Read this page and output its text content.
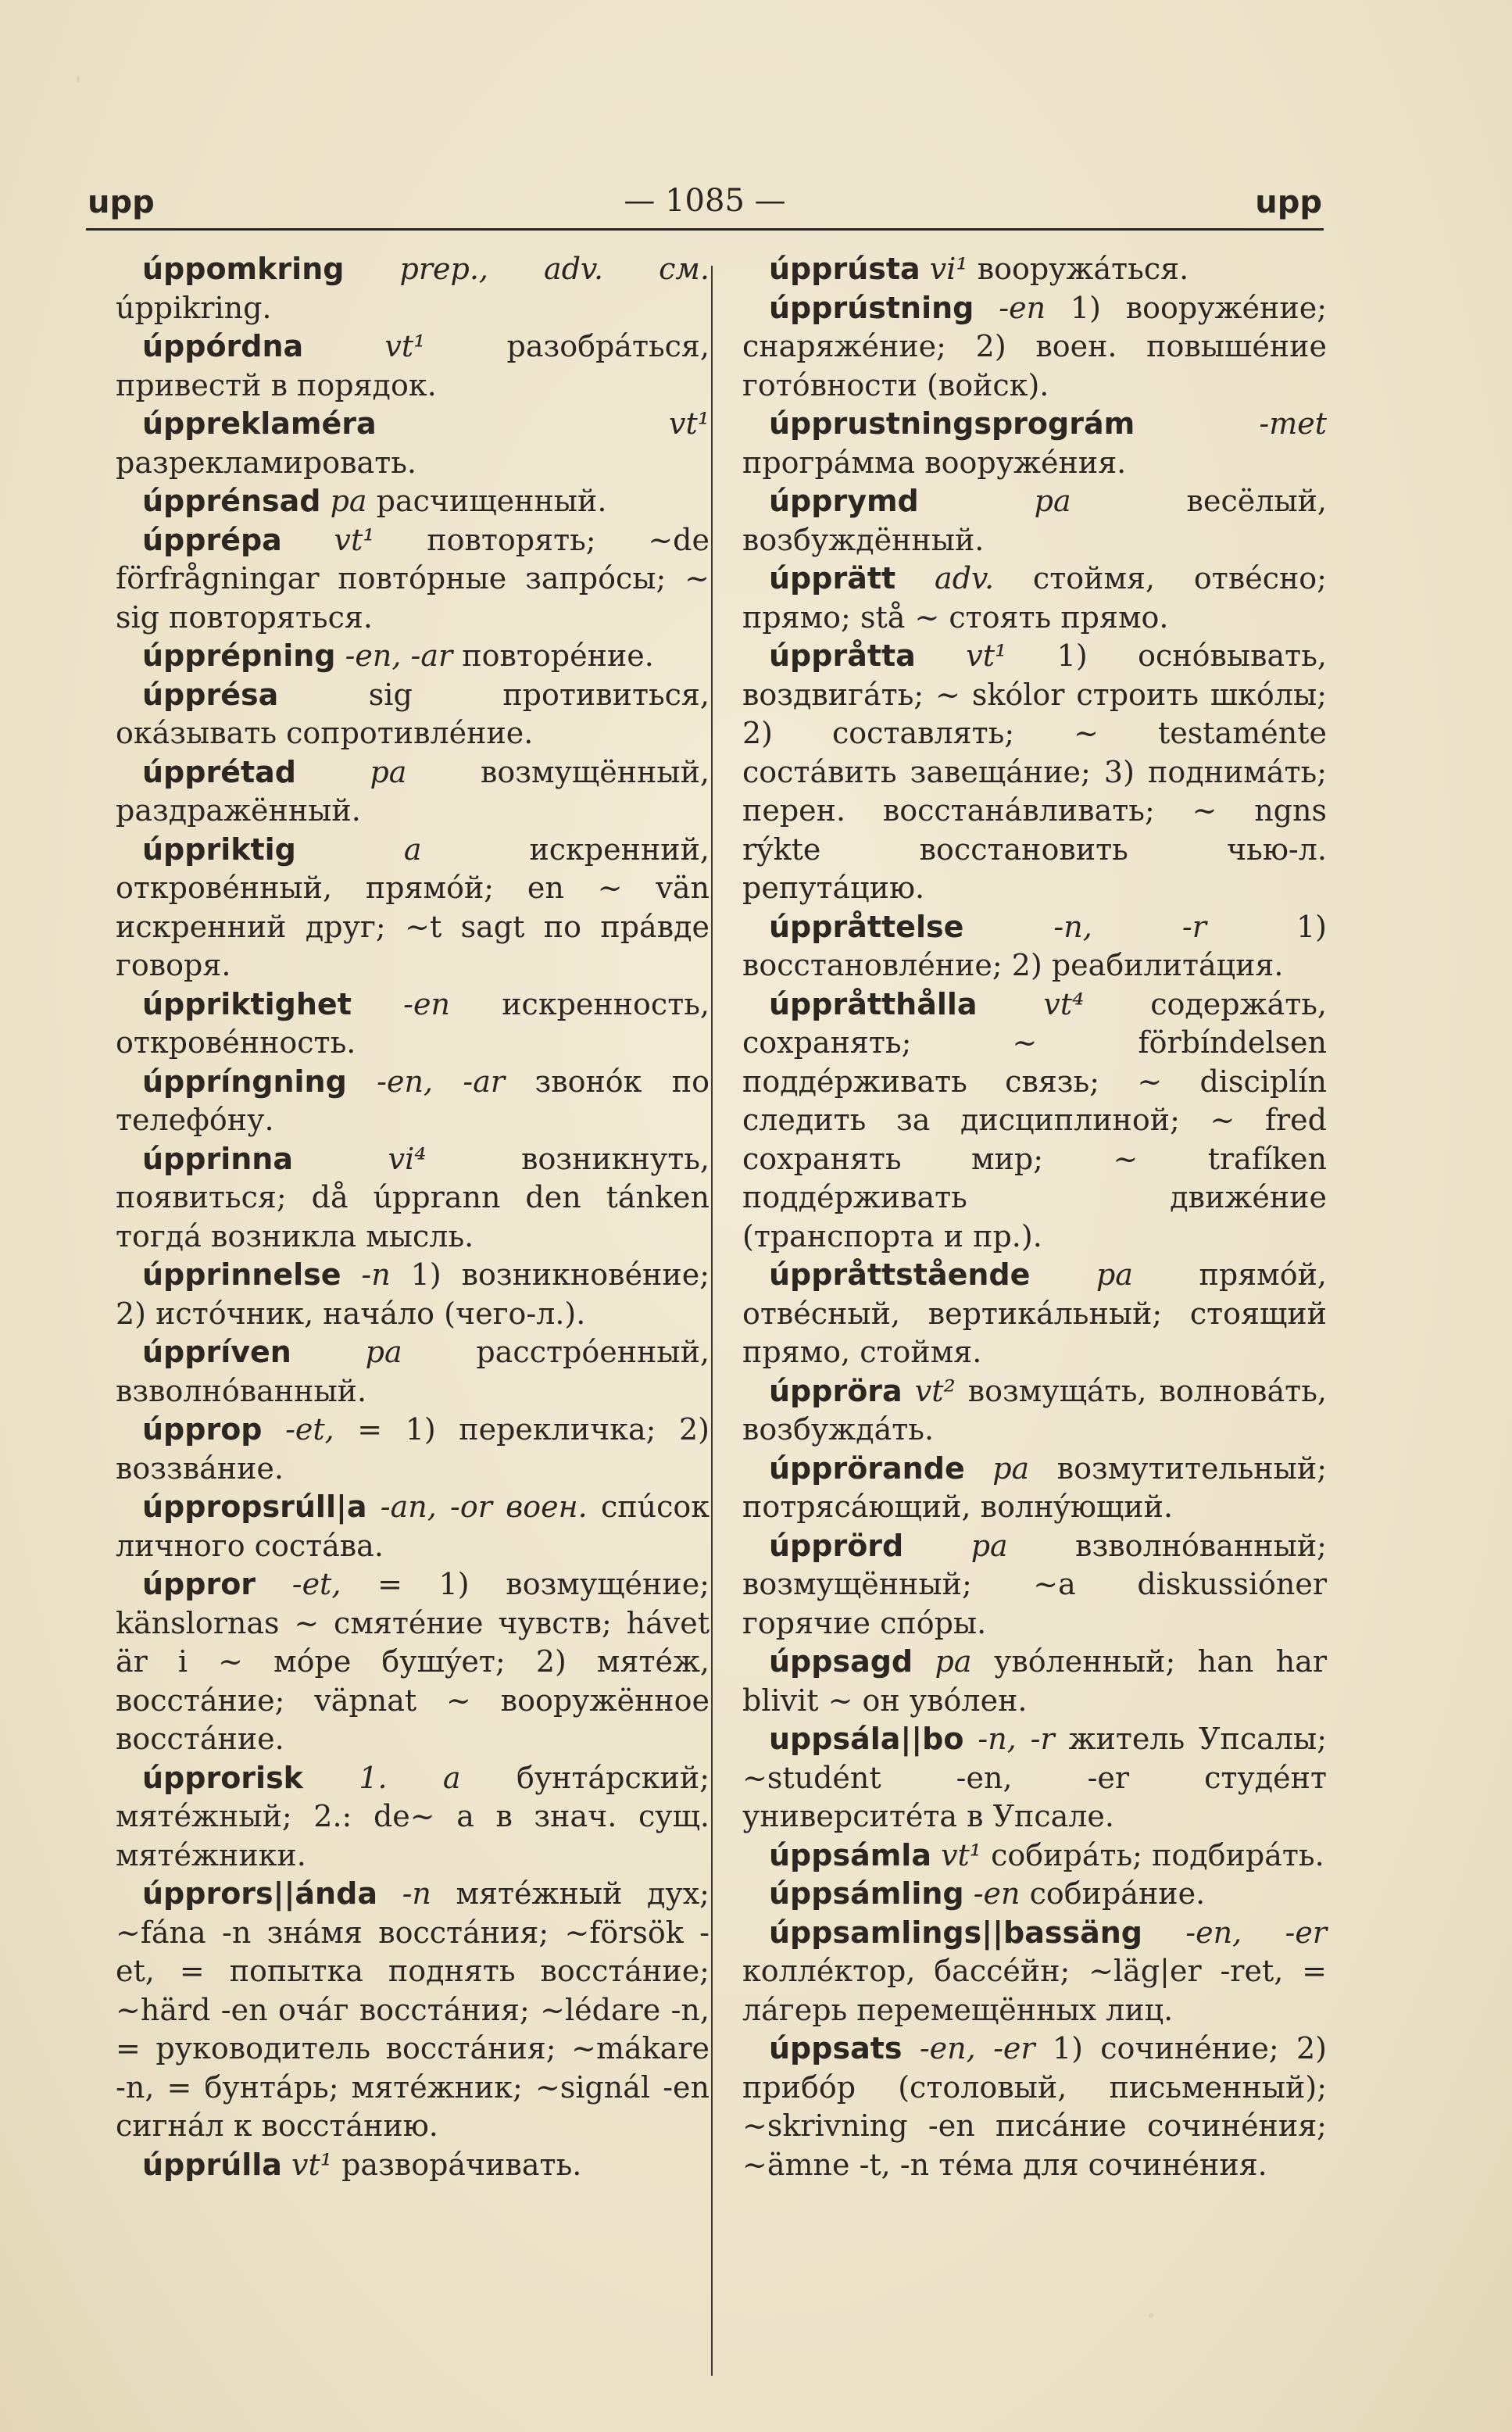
upp	— 1085 —	upp

úppomkring prep., adv. см. úppikring.

úppórdna vt¹ разобрáться, привестй в порядок.

úppreklaméra vt¹ разрекламировать.

úpprénsad pa расчищенный.

úpprépa vt¹ повторять; ~de förfrågningar повтóрные запрóсы; ~ sig повторяться.

úpprépning -en, -ar повторéние.

úpprésa sig противиться, окáзывать сопротивлéние.

úpprétad pa возмущённый, раздражённый.

úppriktig a искренний, откровéнный, прямóй; en ~ vän искренний друг; ~t sagt по прáвде говоря.

úppriktighet -en искренность, откровéнность.

úppríngning -en, -ar звонóк по телефóну.

úpprinna vi⁴ возникнуть, появиться; då úpprann den tánken тогдá возникла мысль.

úpprinnelse -n 1) возникновéние; 2) истóчник, начáло (чего-л.).

úppríven pa расстрóенный, взволнóванный.

úpprop -et, = 1) перекличка; 2) воззвáние.

úppropsrúll|a -an, -or воен. спúсок личного состáва.

úppror -et, = 1) возмущéние; känslornas ~ смятéние чувств; hávet är i ~ мóре бушýет; 2) мятéж, восстáние; väpnat ~ вооружённое восстáние.

úpprorisk 1. a бунтáрский; мятéжный; 2.: de~ a в знач. сущ. мятéжники.

úpprors||ánda -n мятéжный дух; ~fána -n знáмя восстáния; ~försök -et, = попытка поднять восстáние; ~härd -en очáг восстáния; ~lédare -n, = руководитель восстáния; ~mákare -n, = бунтáрь; мятéжник; ~signál -en сигнáл к восстáнию.

úpprúlla vt¹ разворáчивать.

úpprústa vi¹ вооружáться.

úpprústning -en 1) вооружéние; снаряжéние; 2) воен. повышéние готóвности (войск).

úpprustningsprográm -met прогрáмма вооружéния.

úpprymd pa весёлый, возбуждённый.

úpprätt adv. стоймя, отвéсно; прямо; stå ~ стоять прямо.

úppråtta vt¹ 1) оснóвывать, воздвигáть; ~ skólor строить шкóлы; 2) составлять; ~ testaménte состáвить завещáние; 3) поднимáть; перен. восстанáвливать; ~ ngns rýkte восстановить чью-л. репутáцию.

úppråttelse -n, -r 1) восстановлéние; 2) реабилитáция.

úppråtthålla vt⁴ содержáть, сохранять; ~ förbíndelsen поддéрживать связь; ~ disciplín следить за дисциплиной; ~ fred сохранять мир; ~ trafíken поддéрживать движéние (транспорта и пр.).

úppråttstående pa прямóй, отвéсный, вертикáльный; стоящий прямо, стоймя.

úppröra vt² возмущáть, волновáть, возбуждáть.

úpprörande pa возмутительный; потрясáющий, волнýющий.

úpprörd pa взволнóванный; возмущённый; ~a diskussióner горячие спóры.

úppsagd pa увóленный; han har blivit ~ он увóлен.

uppsála||bo -n, -r житель Упсалы; ~studént -en, -er студéнт университéта в Упсале.

úppsámla vt¹ собирáть; подбирáть.

úppsámling -en собирáние.

úppsamlings||bassäng -en, -er коллéктор, бассéйн; ~läg|er -ret, = лáгерь перемещённых лиц.

úppsats -en, -er 1) сочинéние; 2) прибóр (столовый, письменный); ~skrivning -en писáние сочинéния; ~ämne -t, -n тéма для сочинéния.
